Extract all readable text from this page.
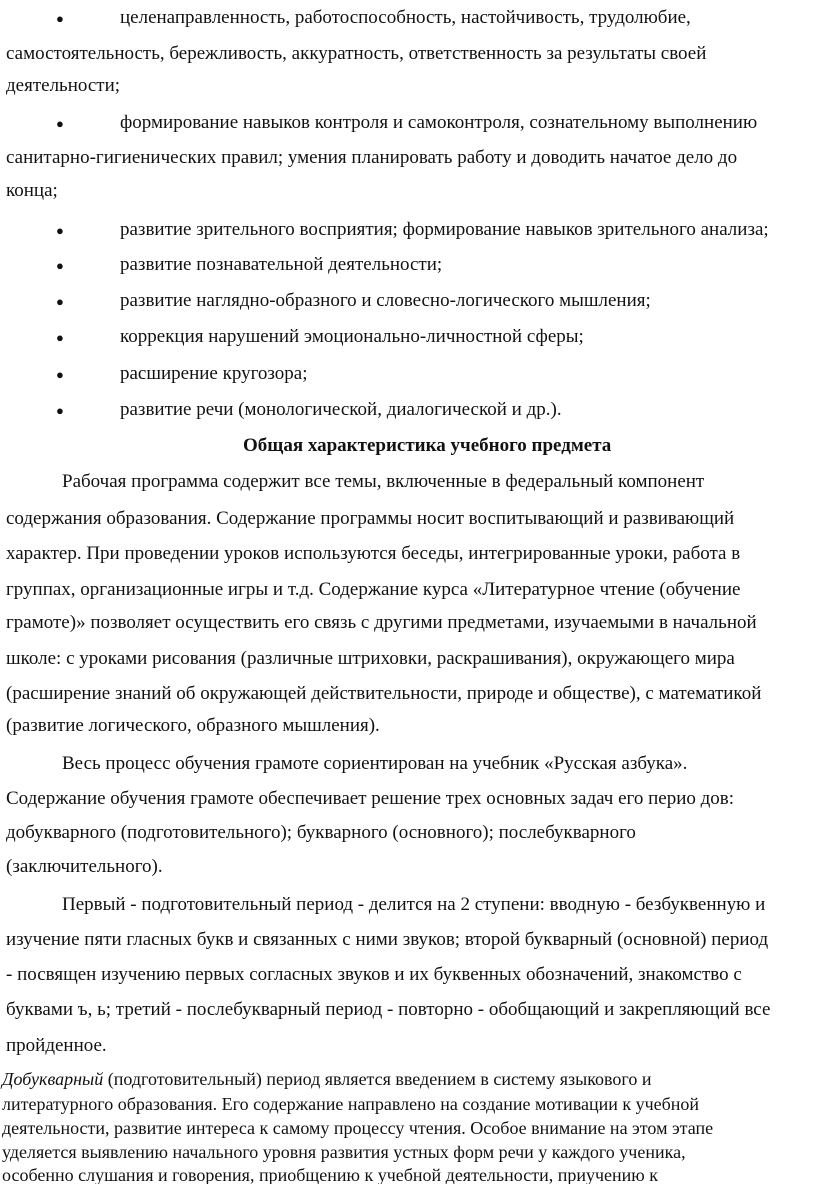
●	целенаправленность, работоспособность, настойчивость, трудолюбие,
самостоятельность, бережливость, аккуратность, ответственность за результаты своей
деятельности;
●	формирование навыков контроля и самоконтроля, сознательному выполнению
санитарно-гигиенических правил; умения планировать работу и доводить начатое дело до
конца;
●	развитие зрительного восприятия; формирование навыков зрительного анализа;
●	развитие познавательной деятельности;
●	развитие наглядно-образного и словесно-логического мышления;
●	коррекция нарушений эмоционально-личностной сферы;
●	расширение кругозора;
●	развитие речи (монологической, диалогической и др.).
Общая характеристика учебного предмета
Рабочая программа содержит все темы, включенные в федеральный компонент
содержания образования. Содержание программы носит воспитывающий и развивающий
характер. При проведении уроков используются беседы, интегрированные уроки, работа в
группах, организационные игры и т.д. Содержание курса «Литературное чтение (обучение
грамоте)» позволяет осуществить его связь с другими предметами, изучаемыми в начальной
школе: с уроками рисования (различные штриховки, раскрашивания), окружающего мира
(расширение знаний об окружающей действительности, природе и обществе), с математикой
(развитие логического, образного мышления).
Весь процесс обучения грамоте сориентирован на учебник «Русская азбука».
Содержание обучения грамоте обеспечивает решение трех основных задач его перио дов:
добукварного (подготовительного); букварного (основного); послебукварного
(заключительного).
Первый - подготовительный период - делится на 2 ступени: вводную - безбуквенную и
изучение пяти гласных букв и связанных с ними звуков; второй букварный (основной) период
- посвящен изучению первых согласных звуков и их буквенных обозначений, знакомство с
буквами ъ, ь; третий - послебукварный период - повторно - обобщающий и закрепляющий все
пройденное.
Добукварный (подготовительный) период является введением в систему языкового и
литературного образования. Его содержание направлено на создание мотивации к учебной
деятельности, развитие интереса к самому процессу чтения. Особое внимание на этом этапе
уделяется выявлению начального уровня развития устных форм речи у каждого ученика,
особенно слушания и говорения, приобщению к учебной деятельности, приучению к
